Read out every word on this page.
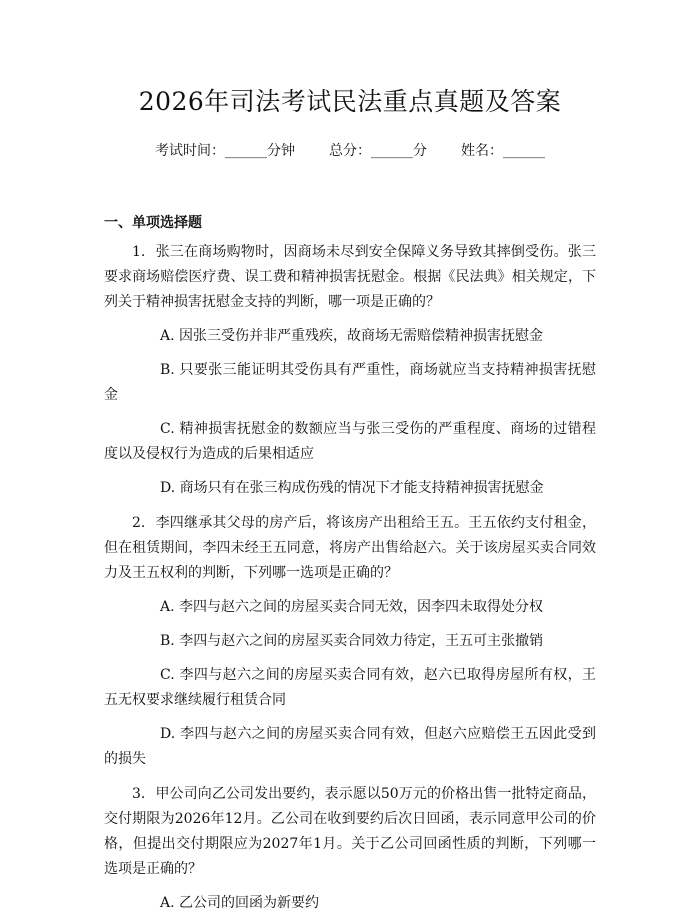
2026年司法考试民法重点真题及答案
考试时间：______分钟 总分：______分 姓名：______
一、单项选择题

1. 张三在商场购物时，因商场未尽到安全保障义务导致其摔倒受伤。张三要求商场赔偿医疗费、误工费和精神损害抚慰金。根据《民法典》相关规定，下列关于精神损害抚慰金支持的判断，哪一项是正确的？

A. 因张三受伤并非严重残疾，故商场无需赔偿精神损害抚慰金

B. 只要张三能证明其受伤具有严重性，商场就应当支持精神损害抚慰金

C. 精神损害抚慰金的数额应当与张三受伤的严重程度、商场的过错程度以及侵权行为造成的后果相适应

D. 商场只有在张三构成伤残的情况下才能支持精神损害抚慰金

2. 李四继承其父母的房产后，将该房产出租给王五。王五依约支付租金，但在租赁期间，李四未经王五同意，将房产出售给赵六。关于该房屋买卖合同效力及王五权利的判断，下列哪一选项是正确的？

A. 李四与赵六之间的房屋买卖合同无效，因李四未取得处分权

B. 李四与赵六之间的房屋买卖合同效力待定，王五可主张撤销

C. 李四与赵六之间的房屋买卖合同有效，赵六已取得房屋所有权，王五无权要求继续履行租赁合同

D. 李四与赵六之间的房屋买卖合同有效，但赵六应赔偿王五因此受到的损失

3. 甲公司向乙公司发出要约，表示愿以50万元的价格出售一批特定商品，交付期限为2026年12月。乙公司在收到要约后次日回函，表示同意甲公司的价格，但提出交付期限应为2027年1月。关于乙公司回函性质的判断，下列哪一选项是正确的？

A. 乙公司的回函为新要约
